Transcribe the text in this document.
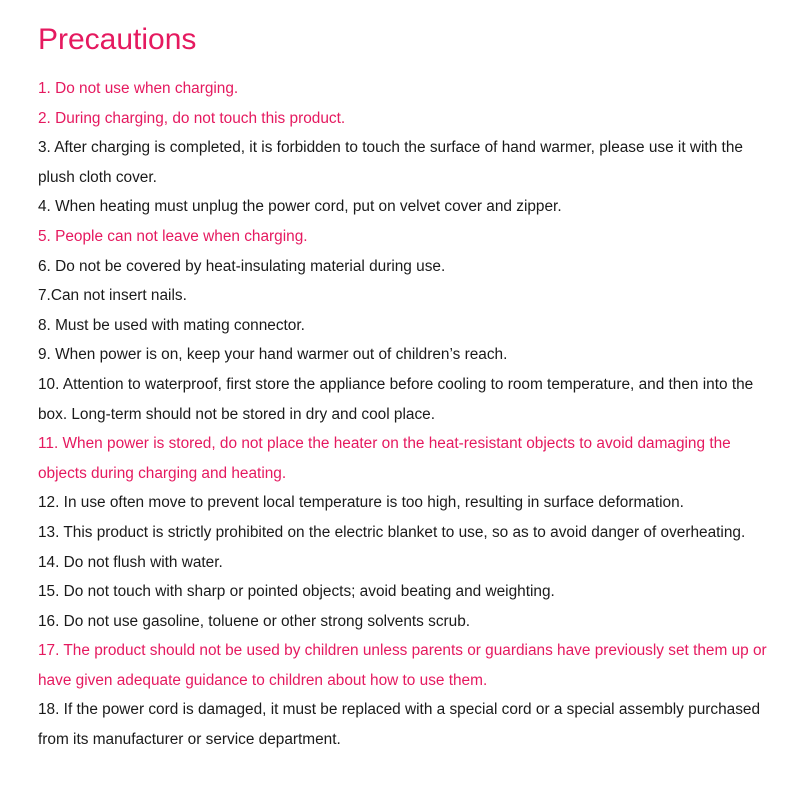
Precautions
1. Do not use when charging.
2. During charging, do not touch this product.
3. After charging is completed, it is forbidden to touch the surface of hand warmer, please use it with the plush cloth cover.
4. When heating must unplug the power cord, put on velvet cover and zipper.
5. People can not leave when charging.
6. Do not be covered by heat-insulating material during use.
7.Can not insert nails.
8. Must be used with mating connector.
9. When power is on, keep your hand warmer out of children’s reach.
10. Attention to waterproof, first store the appliance before cooling to room temperature, and then into the box. Long-term should not be stored in dry and cool place.
11. When power is stored, do not place the heater on the heat-resistant objects to avoid damaging the objects during charging and heating.
12. In use often move to prevent local temperature is too high, resulting in surface deformation.
13. This product is strictly prohibited on the electric blanket to use, so as to avoid danger of overheating.
14. Do not flush with water.
15. Do not touch with sharp or pointed objects; avoid beating and weighting.
16. Do not use gasoline, toluene or other strong solvents scrub.
17. The product should not be used by children unless parents or guardians have previously set them up or have given adequate guidance to children about how to use them.
18. If the power cord is damaged, it must be replaced with a special cord or a special assembly purchased from its manufacturer or service department.
